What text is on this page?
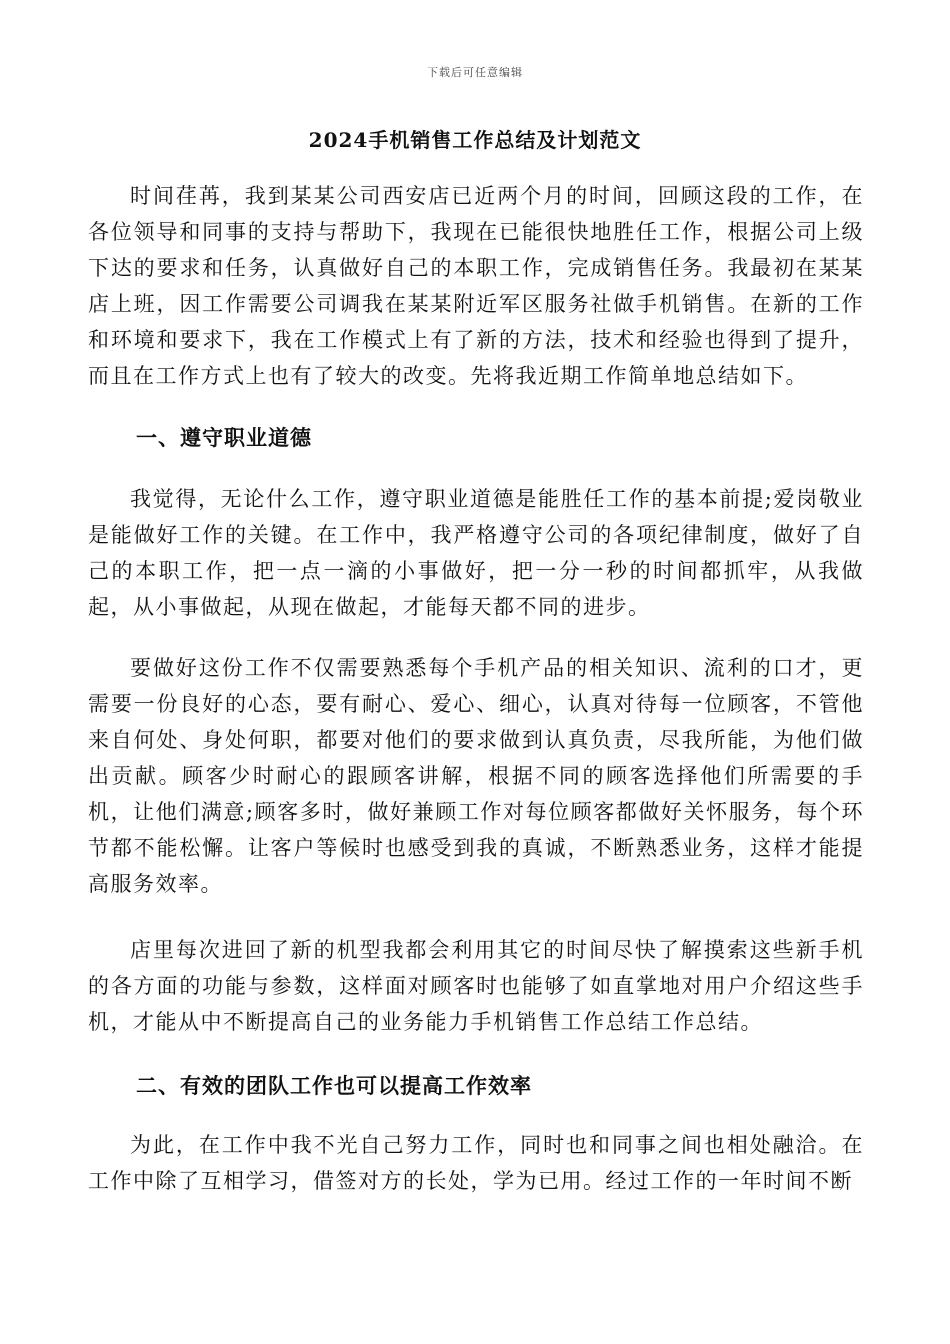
下载后可任意编辑
2024手机销售工作总结及计划范文

时间荏苒，我到某某公司西安店已近两个月的时间，回顾这段的工作，在各位领导和同事的支持与帮助下，我现在已能很快地胜任工作，根据公司上级下达的要求和任务，认真做好自己的本职工作，完成销售任务。我最初在某某店上班，因工作需要公司调我在某某附近军区服务社做手机销售。在新的工作和环境和要求下，我在工作模式上有了新的方法，技术和经验也得到了提升，而且在工作方式上也有了较大的改变。先将我近期工作简单地总结如下。

一、遵守职业道德

我觉得，无论什么工作，遵守职业道德是能胜任工作的基本前提;爱岗敬业是能做好工作的关键。在工作中，我严格遵守公司的各项纪律制度，做好了自己的本职工作，把一点一滴的小事做好，把一分一秒的时间都抓牢，从我做起，从小事做起，从现在做起，才能每天都不同的进步。

要做好这份工作不仅需要熟悉每个手机产品的相关知识、流利的口才，更需要一份良好的心态，要有耐心、爱心、细心，认真对待每一位顾客，不管他来自何处、身处何职，都要对他们的要求做到认真负责，尽我所能，为他们做出贡献。顾客少时耐心的跟顾客讲解，根据不同的顾客选择他们所需要的手机，让他们满意;顾客多时，做好兼顾工作对每位顾客都做好关怀服务，每个环节都不能松懈。让客户等候时也感受到我的真诚，不断熟悉业务，这样才能提高服务效率。

店里每次进回了新的机型我都会利用其它的时间尽快了解摸索这些新手机的各方面的功能与参数，这样面对顾客时也能够了如直掌地对用户介绍这些手机，才能从中不断提高自己的业务能力手机销售工作总结工作总结。

二、有效的团队工作也可以提高工作效率

为此，在工作中我不光自己努力工作，同时也和同事之间也相处融洽。在工作中除了互相学习，借签对方的长处，学为已用。经过工作的一年时间不断
